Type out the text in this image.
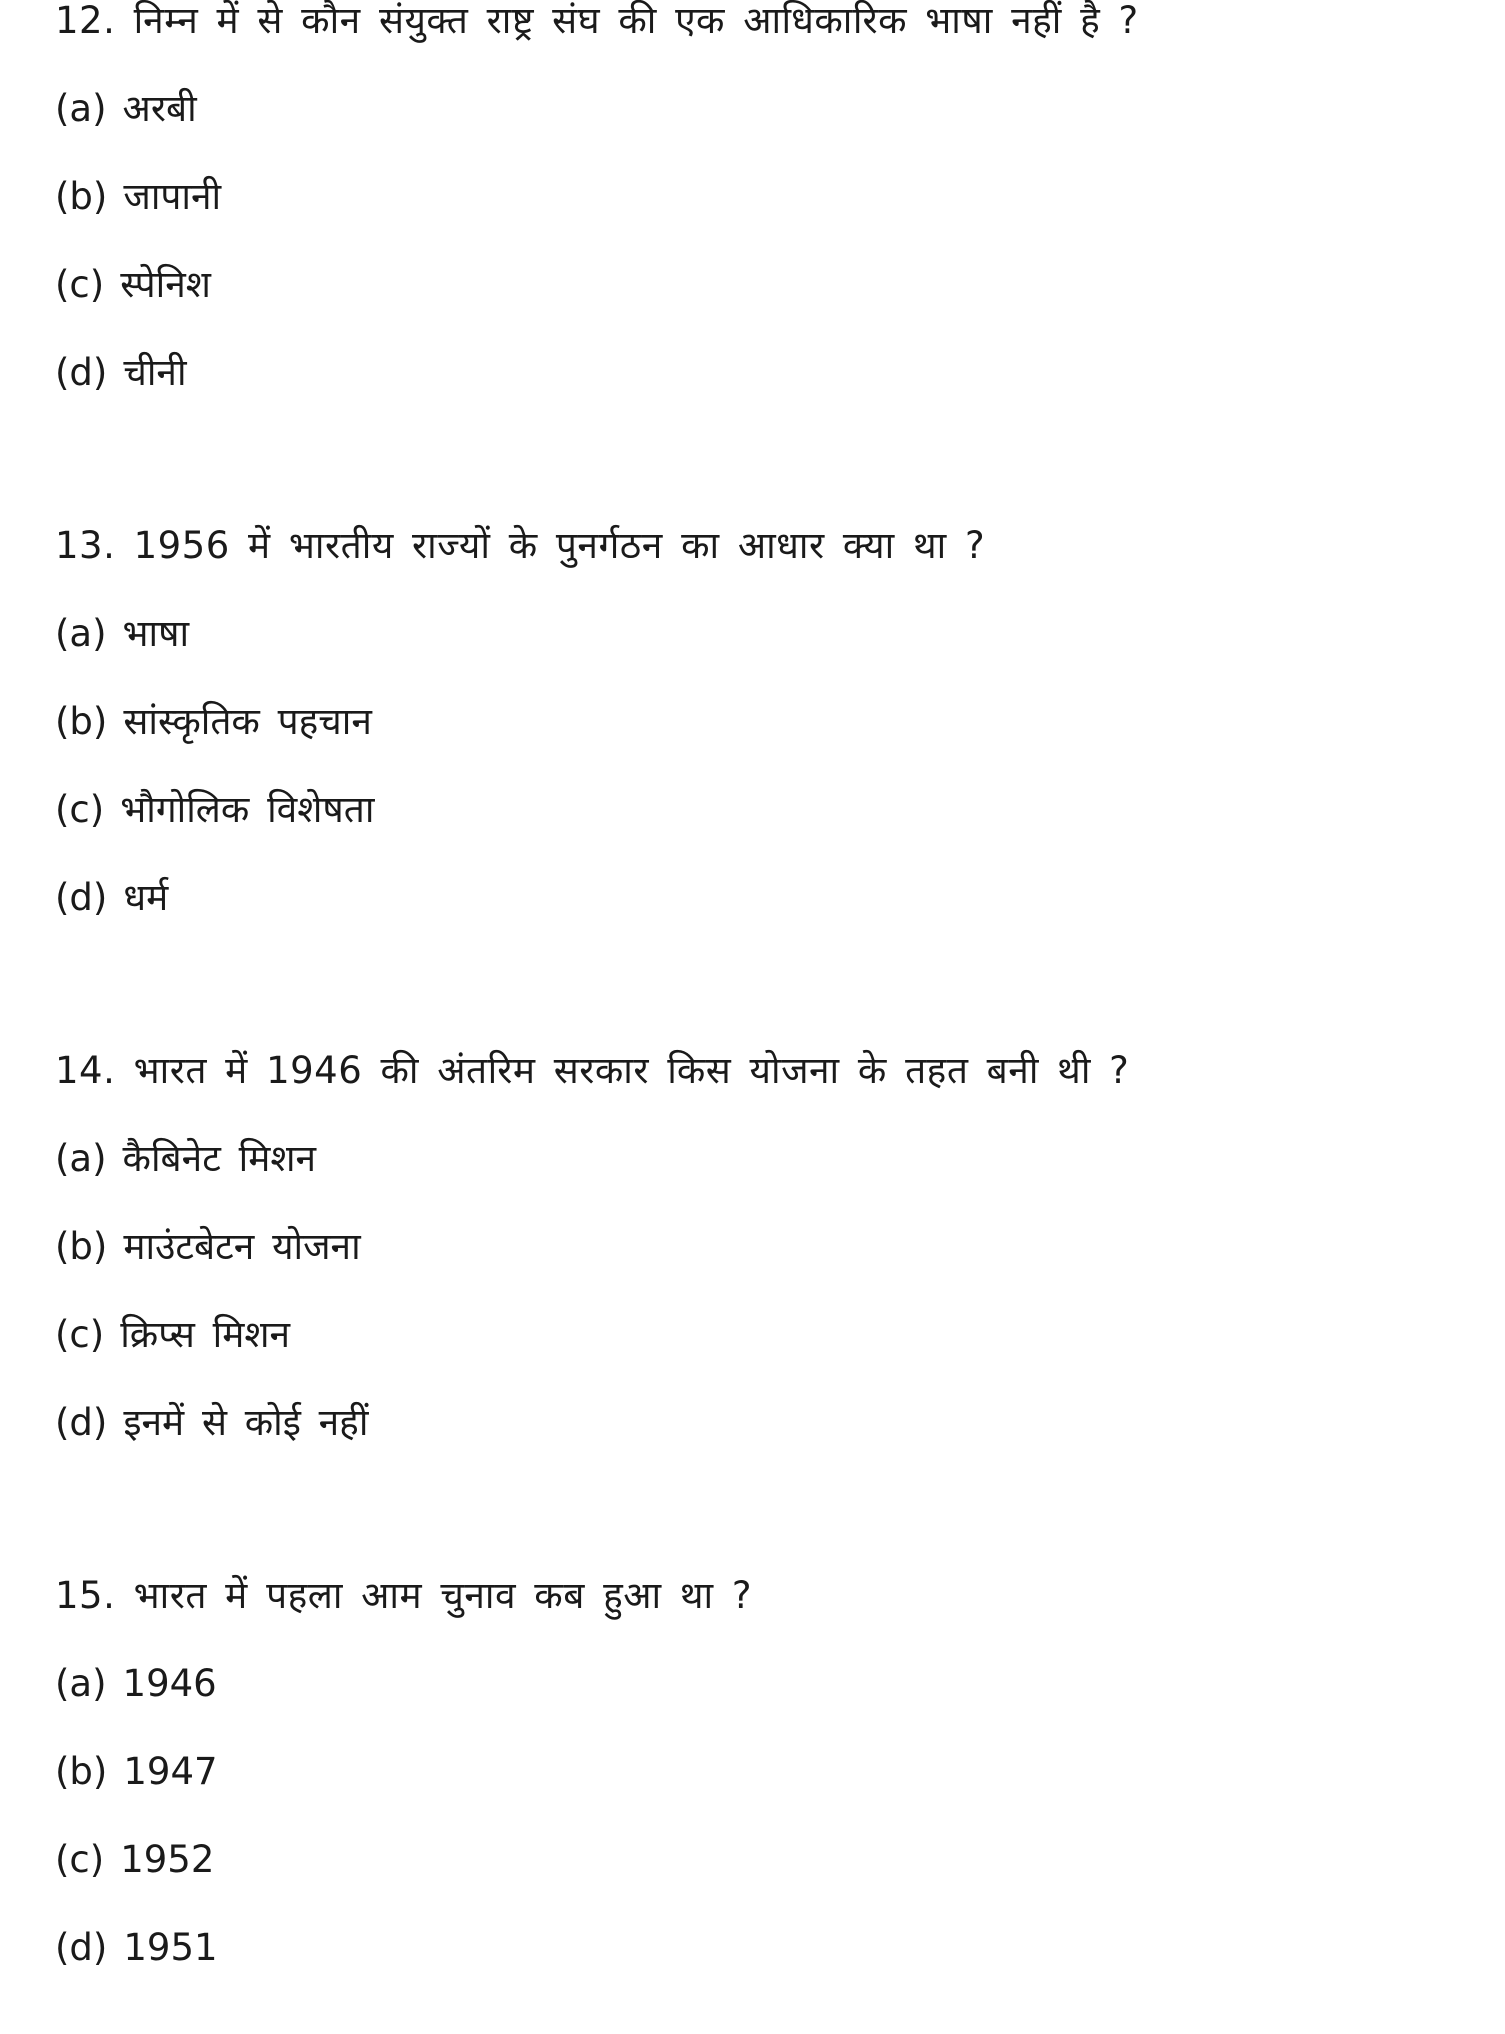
12. निम्न में से कौन संयुक्त राष्ट्र संघ की एक आधिकारिक भाषा नहीं है ?
(a) अरबी
(b) जापानी
(c) स्पेनिश
(d) चीनी
13. 1956 में भारतीय राज्यों के पुनर्गठन का आधार क्या था ?
(a) भाषा
(b) सांस्कृतिक पहचान
(c) भौगोलिक विशेषता
(d) धर्म
14. भारत में 1946 की अंतरिम सरकार किस योजना के तहत बनी थी ?
(a) कैबिनेट मिशन
(b) माउंटबेटन योजना
(c) क्रिप्स मिशन
(d) इनमें से कोई नहीं
15. भारत में पहला आम चुनाव कब हुआ था ?
(a) 1946
(b) 1947
(c) 1952
(d) 1951
